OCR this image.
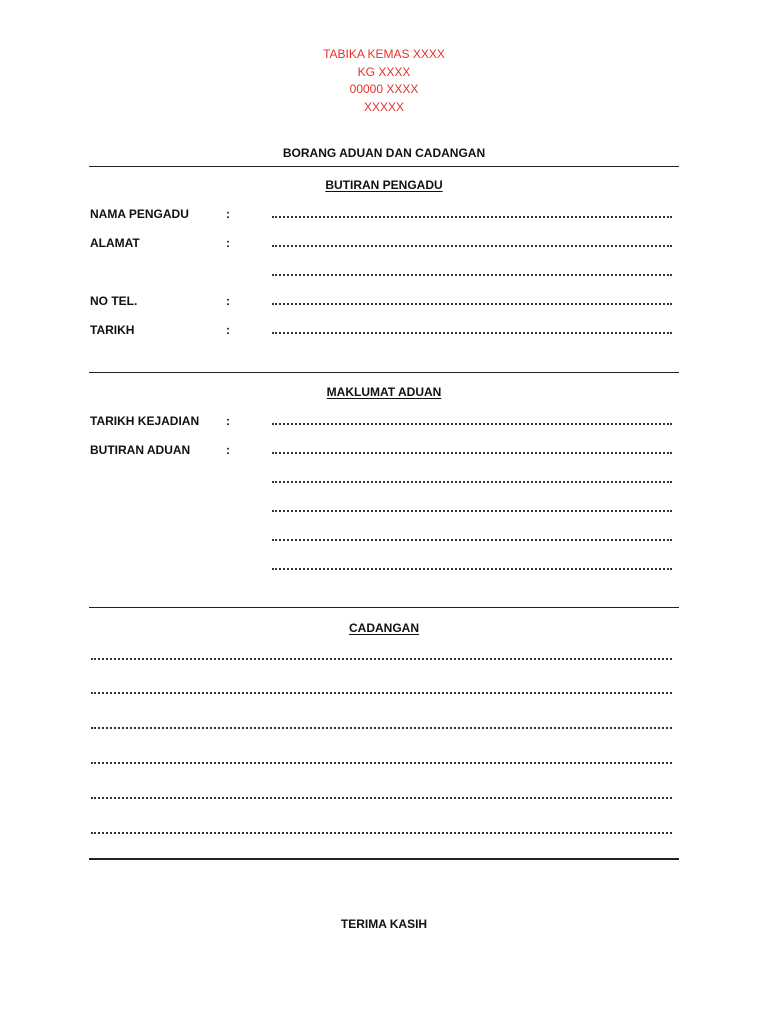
TABIKA KEMAS XXXX
KG XXXX
00000 XXXX
XXXXX
BORANG ADUAN DAN CADANGAN
BUTIRAN PENGADU
NAMA PENGADU	:
ALAMAT	:
NO TEL.	:
TARIKH	:
MAKLUMAT ADUAN
TARIKH KEJADIAN :
BUTIRAN ADUAN	:
CADANGAN
TERIMA KASIH
